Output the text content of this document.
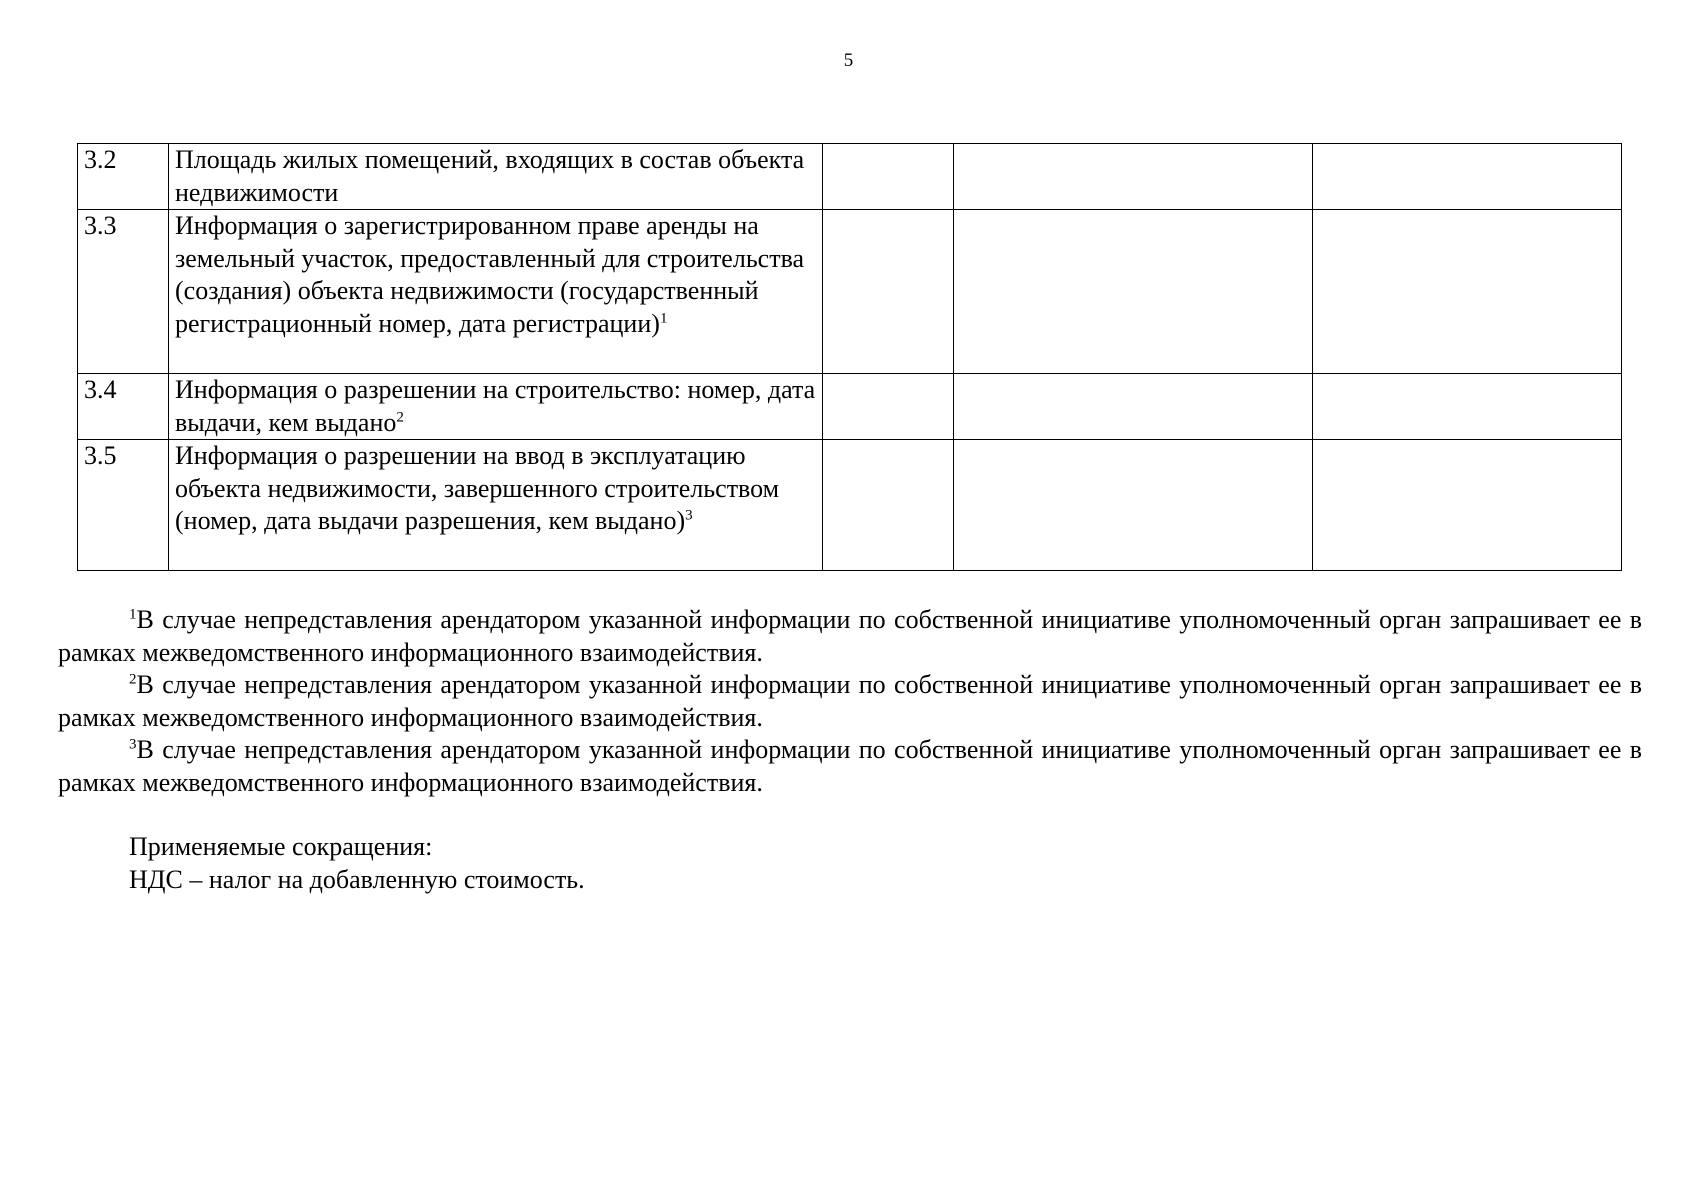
5
3.2	Площадь жилых помещений, входящих в состав объекта недвижимости			
3.3	Информация о зарегистрированном праве аренды на земельный участок, предоставленный для строительства (создания) объекта недвижимости (государственный регистрационный номер, дата регистрации)$^1$			
3.4	Информация о разрешении на строительство: номер, дата выдачи, кем выдано$^2$			
3.5	Информация о разрешении на ввод в эксплуатацию объекта недвижимости, завершенного строительством (номер, дата выдачи разрешения, кем выдано)$^3$			
$^1$В случае непредставления арендатором указанной информации по собственной инициативе уполномоченный орган запрашивает ее в рамках межведомственного информационного взаимодействия.
$^2$В случае непредставления арендатором указанной информации по собственной инициативе уполномоченный орган запрашивает ее в рамках межведомственного информационного взаимодействия.
$^3$В случае непредставления арендатором указанной информации по собственной инициативе уполномоченный орган запрашивает ее в рамках межведомственного информационного взаимодействия.
Применяемые сокращения:
НДС – налог на добавленную стоимость.
